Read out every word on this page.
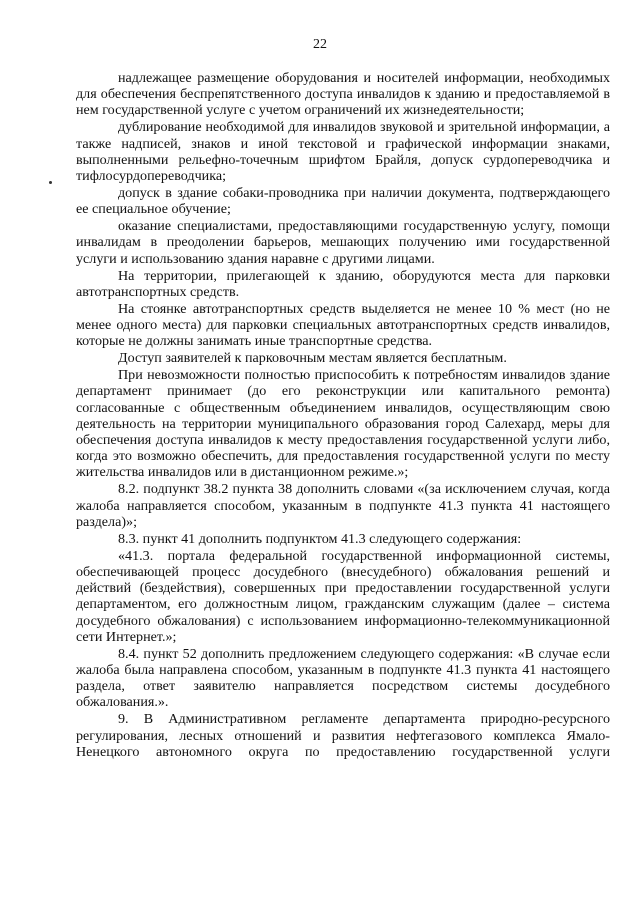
22

надлежащее размещение оборудования и носителей информации, необходимых для обеспечения беспрепятственного доступа инвалидов к зданию и предоставляемой в нем государственной услуге с учетом ограничений их жизнедеятельности;

дублирование необходимой для инвалидов звуковой и зрительной информации, а также надписей, знаков и иной текстовой и графической информации знаками, выполненными рельефно-точечным шрифтом Брайля, допуск сурдопереводчика и тифлосурдопереводчика;

допуск в здание собаки-проводника при наличии документа, подтверждающего ее специальное обучение;

оказание специалистами, предоставляющими государственную услугу, помощи инвалидам в преодолении барьеров, мешающих получению ими государственной услуги и использованию здания наравне с другими лицами.

На территории, прилегающей к зданию, оборудуются места для парковки автотранспортных средств.

На стоянке автотранспортных средств выделяется не менее 10 % мест (но не менее одного места) для парковки специальных автотранспортных средств инвалидов, которые не должны занимать иные транспортные средства.

Доступ заявителей к парковочным местам является бесплатным.

При невозможности полностью приспособить к потребностям инвалидов здание департамент принимает (до его реконструкции или капитального ремонта) согласованные с общественным объединением инвалидов, осуществляющим свою деятельность на территории муниципального образования город Салехард, меры для обеспечения доступа инвалидов к месту предоставления государственной услуги либо, когда это возможно обеспечить, для предоставления государственной услуги по месту жительства инвалидов или в дистанционном режиме.»;

8.2. подпункт 38.2 пункта 38 дополнить словами «(за исключением случая, когда жалоба направляется способом, указанным в подпункте 41.3 пункта 41 настоящего раздела)»;

8.3. пункт 41 дополнить подпунктом 41.3 следующего содержания:

«41.3. портала федеральной государственной информационной системы, обеспечивающей процесс досудебного (внесудебного) обжалования решений и действий (бездействия), совершенных при предоставлении государственной услуги департаментом, его должностным лицом, гражданским служащим (далее – система досудебного обжалования) с использованием информационно-телекоммуникационной сети Интернет.»;

8.4. пункт 52 дополнить предложением следующего содержания: «В случае если жалоба была направлена способом, указанным в подпункте 41.3 пункта 41 настоящего раздела, ответ заявителю направляется посредством системы досудебного обжалования.».

9. В Административном регламенте департамента природно-ресурсного регулирования, лесных отношений и развития нефтегазового комплекса Ямало-Ненецкого автономного округа по предоставлению государственной услуги
